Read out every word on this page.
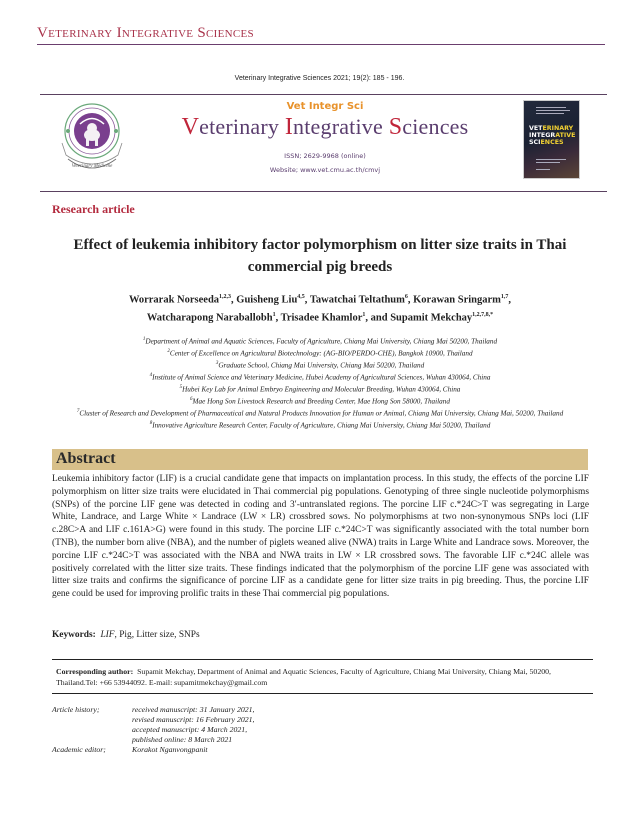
Veterinary Integrative Sciences
Veterinary Integrative Sciences 2021; 19(2): 185 - 196.
Veterinary Medicine
Vet Integr Sci
Veterinary Integrative Sciences
ISSN; 2629-9968 (online)
Website; www.vet.cmu.ac.th/cmvj
VETERINARY
INTEGRATIVE
SCIENCES
Research article
Effect of leukemia inhibitory factor polymorphism on litter size traits in Thai commercial pig breeds
Worrarak Norseeda$^{1,2,3}$, Guisheng Liu$^{4,5}$, Tawatchai Teltathum$^6$, Korawan Sringarm$^{1,7}$,
Watcharapong Naraballobh$^1$, Trisadee Khamlor$^1$, and Supamit Mekchay$^{1,2,7,8,*}$
$^1$Department of Animal and Aquatic Sciences, Faculty of Agriculture, Chiang Mai University, Chiang Mai 50200, Thailand
$^2$Center of Excellence on Agricultural Biotechnology: (AG-BIO/PERDO-CHE), Bangkok 10900, Thailand
$^3$Graduate School, Chiang Mai University, Chiang Mai 50200, Thailand
$^4$Institute of Animal Science and Veterinary Medicine, Hubei Academy of Agricultural Sciences, Wuhan 430064, China
$^5$Hubei Key Lab for Animal Embryo Engineering and Molecular Breeding, Wuhan 430064, China
$^6$Mae Hong Son Livestock Research and Breeding Center, Mae Hong Son 58000, Thailand
$^7$Cluster of Research and Development of Pharmaceutical and Natural Products Innovation for Human or Animal, Chiang Mai University, Chiang Mai, 50200, Thailand
$^8$Innovative Agriculture Research Center, Faculty of Agriculture, Chiang Mai University, Chiang Mai 50200, Thailand
Abstract
Leukemia inhibitory factor (LIF) is a crucial candidate gene that impacts on implantation process. In this study, the effects of the porcine LIF polymorphism on litter size traits were elucidated in Thai commercial pig populations. Genotyping of three single nucleotide polymorphisms (SNPs) of the porcine LIF gene was detected in coding and 3′-untranslated regions. The porcine LIF c.*24C>T was segregating in Large White, Landrace, and Large White × Landrace (LW × LR) crossbred sows. No polymorphisms at two non-synonymous SNPs loci (LIF c.28C>A and LIF c.161A>G) were found in this study. The porcine LIF c.*24C>T was significantly associated with the total number born (TNB), the number born alive (NBA), and the number of piglets weaned alive (NWA) traits in Large White and Landrace sows. Moreover, the porcine LIF c.*24C>T was associated with the NBA and NWA traits in LW × LR crossbred sows. The favorable LIF c.*24C allele was positively correlated with the litter size traits. These findings indicated that the polymorphism of the porcine LIF gene was associated with litter size traits and confirms the significance of porcine LIF as a candidate gene for litter size traits in pig breeding. Thus, the porcine LIF gene could be used for improving prolific traits in these Thai commercial pig populations.
Keywords: LIF, Pig, Litter size, SNPs
Corresponding author: Supamit Mekchay, Department of Animal and Aquatic Sciences, Faculty of Agriculture, Chiang Mai University, Chiang Mai, 50200, Thailand.Tel: +66 53944092. E-mail: supamitmekchay@gmail.com
Article history;	received manuscript: 31 January 2021,
revised manuscript: 16 February 2021,
accepted manuscript: 4 March 2021,
published online: 8 March 2021
Academic editor;	Korakot Nganvongpanit
